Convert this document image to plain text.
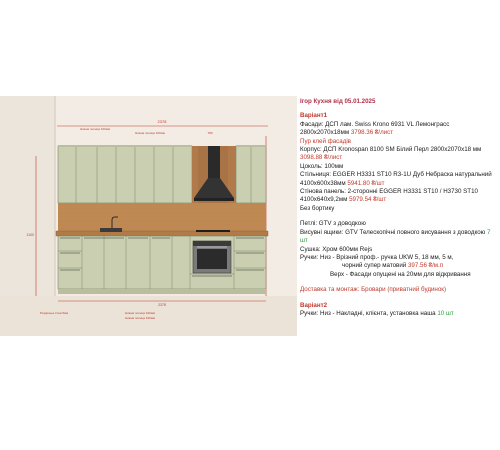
2378
Нижня полиця 100мм
Нижня полиця 100мм
1100
780
2378
Нижня полиця 100мм
Нижня полиця 100мм
Роздільна стіна 5мм

Ігор Кухня від 05.01.2025

Варіант1

Фасади: ДСП лам. Swiss Krono 6931 VL Лемонграсс 2800х2070х18мм 3798.36 ₴/лист

Пур клей фасадів

Корпус: ДСП Kronospan 8100 SM Білий Перл 2800х2070х18 мм 3098.88 ₴/лист

Цоколь: 100мм

Стільниця: EGGER H3331 ST10 R3-1U Дуб Небраска натуральний 4100х600х38мм 5941.80 ₴/шт

Стінова панель: 2-сторонні EGGER H3331 ST10 / H3730 ST10 4100х640х9,2мм 5979.54 ₴/шт

Без бортику

Петлі: GTV з доводкою

Висувні ящики: GTV Телескопічні повного висування з доводкою 7 шт

Сушка: Хром 600мм Rejs

Ручки: Низ - Врізний проф.- ручка UKW 5, 18 мм, 5 м,

чорний супер матовий 397.56 ₴/м.п

Верх - Фасади опущені на 20мм для відкривання

Доставка та монтаж: Бровари (приватний будинок)

Варіант2

Ручки: Низ - Накладні, клієнта, установка наша 10 шт
